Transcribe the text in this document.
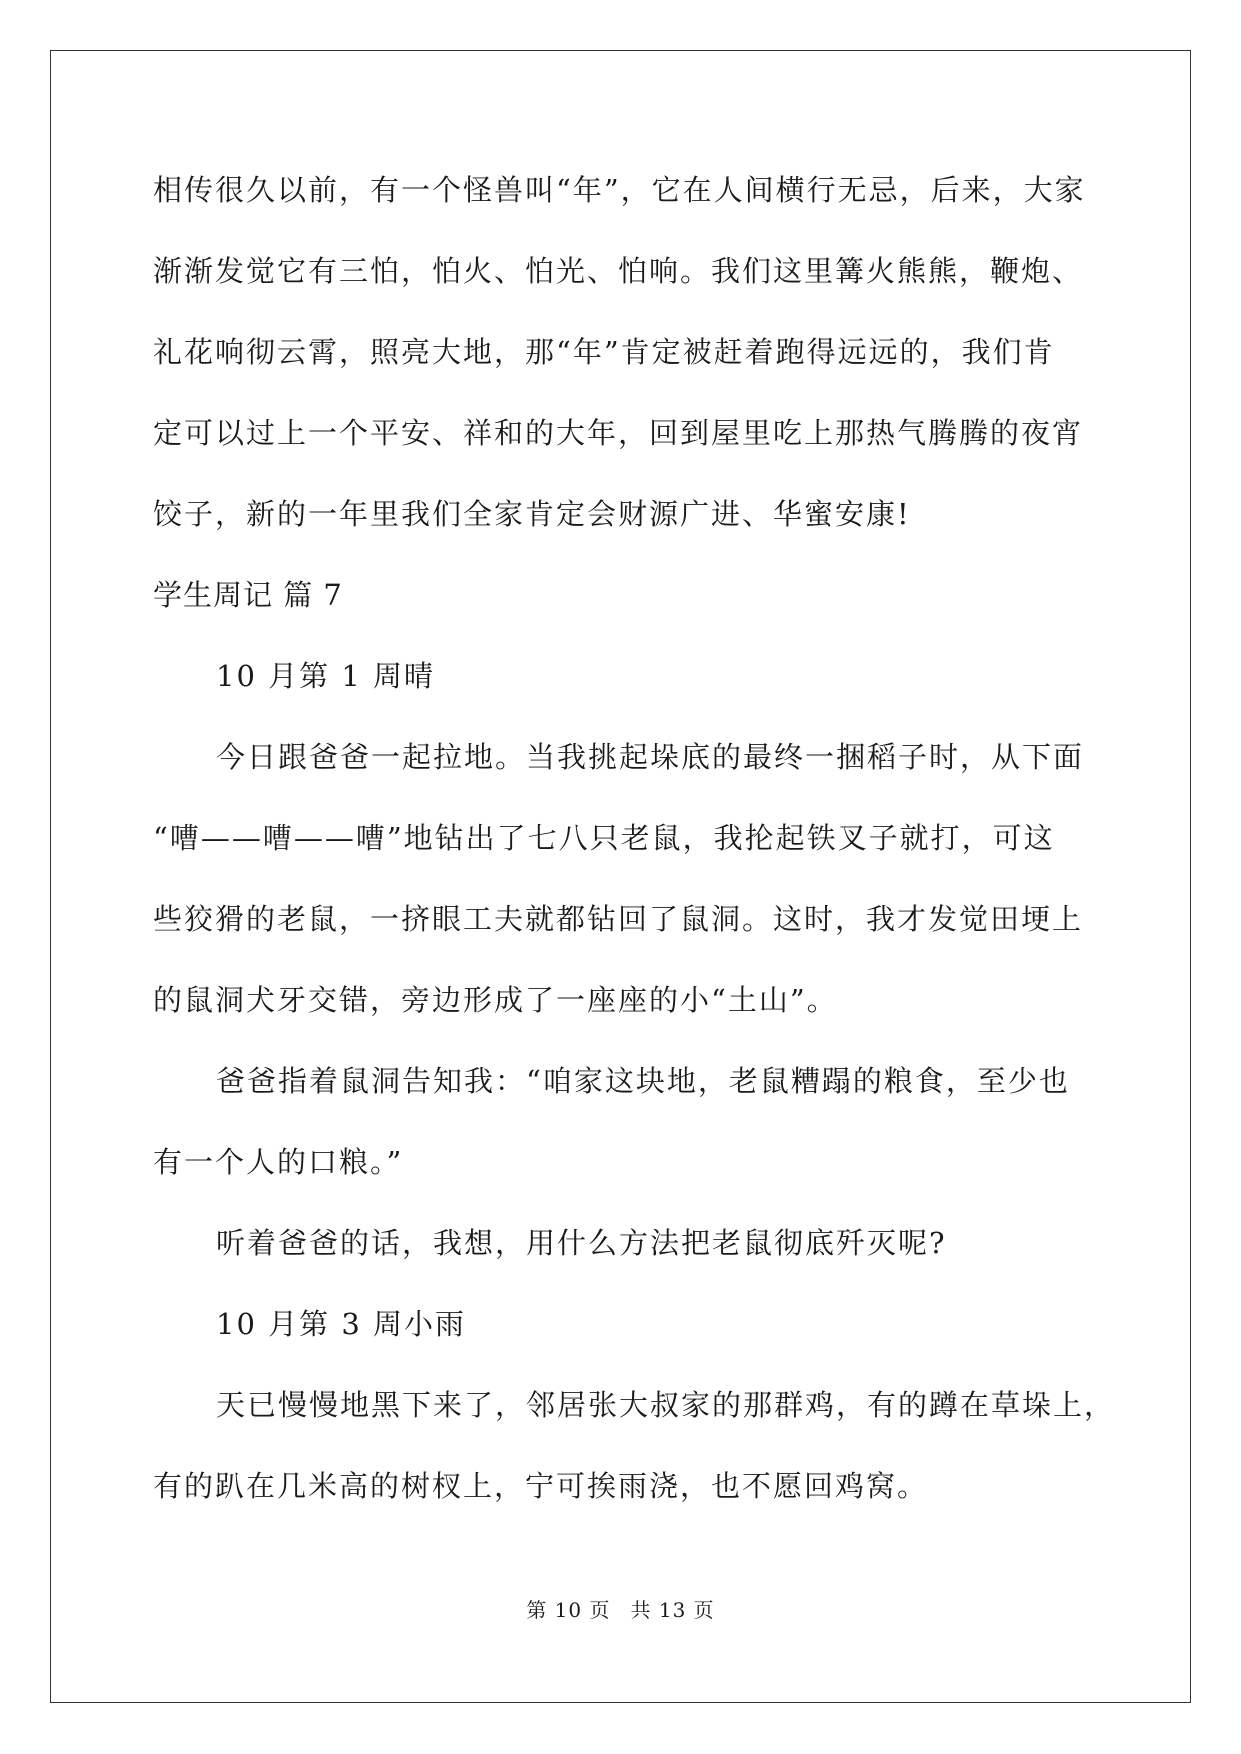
相传很久以前，有一个怪兽叫“年”，它在人间横行无忌，后来，大家
渐渐发觉它有三怕，怕火、怕光、怕响。我们这里篝火熊熊，鞭炮、
礼花响彻云霄，照亮大地，那“年”肯定被赶着跑得远远的，我们肯
定可以过上一个平安、祥和的大年，回到屋里吃上那热气腾腾的夜宵
饺子，新的一年里我们全家肯定会财源广进、华蜜安康!
学生周记 篇 7
10 月第 1 周晴
今日跟爸爸一起拉地。当我挑起垛底的最终一捆稻子时，从下面
“嘈——嘈——嘈”地钻出了七八只老鼠，我抡起铁叉子就打，可这
些狡猾的老鼠，一挤眼工夫就都钻回了鼠洞。这时，我才发觉田埂上
的鼠洞犬牙交错，旁边形成了一座座的小“土山”。
爸爸指着鼠洞告知我：“咱家这块地，老鼠糟蹋的粮食，至少也
有一个人的口粮。”
听着爸爸的话，我想，用什么方法把老鼠彻底歼灭呢?
10 月第 3 周小雨
天已慢慢地黑下来了，邻居张大叔家的那群鸡，有的蹲在草垛上，
有的趴在几米高的树杈上，宁可挨雨浇，也不愿回鸡窝。
第 10 页 共 13 页
